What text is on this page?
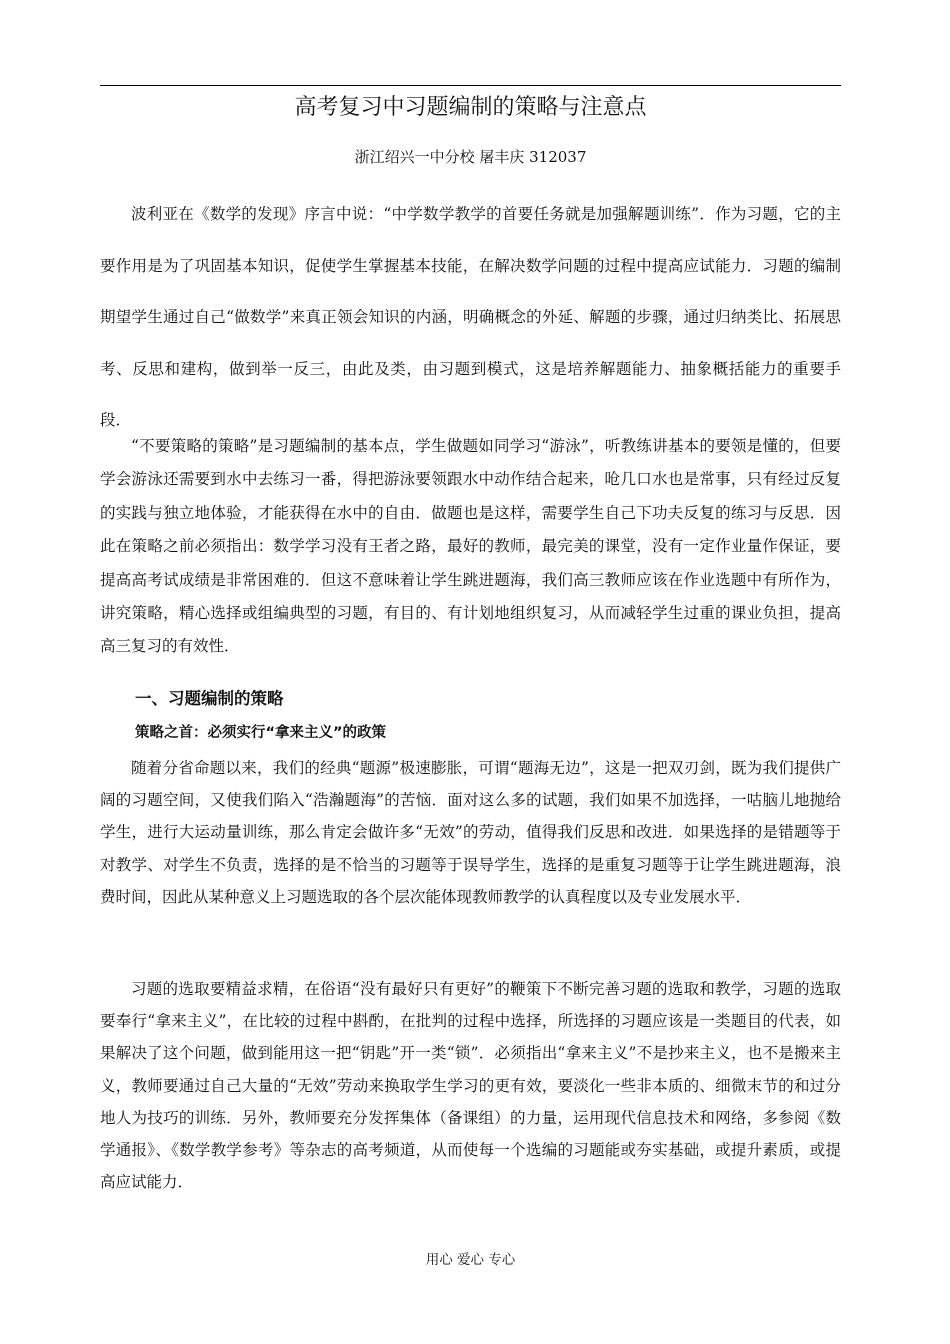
高考复习中习题编制的策略与注意点
浙江绍兴一中分校 屠丰庆 312037

波利亚在《数学的发现》序言中说：“中学数学教学的首要任务就是加强解题训练”．作为习题，它的主要作用是为了巩固基本知识，促使学生掌握基本技能，在解决数学问题的过程中提高应试能力．习题的编制期望学生通过自己“做数学”来真正领会知识的内涵，明确概念的外延、解题的步骤，通过归纳类比、拓展思考、反思和建构，做到举一反三，由此及类，由习题到模式，这是培养解题能力、抽象概括能力的重要手段．

“不要策略的策略”是习题编制的基本点，学生做题如同学习“游泳”，听教练讲基本的要领是懂的，但要学会游泳还需要到水中去练习一番，得把游泳要领跟水中动作结合起来，呛几口水也是常事，只有经过反复的实践与独立地体验，才能获得在水中的自由．做题也是这样，需要学生自己下功夫反复的练习与反思．因此在策略之前必须指出：数学学习没有王者之路，最好的教师，最完美的课堂，没有一定作业量作保证，要提高高考试成绩是非常困难的．但这不意味着让学生跳进题海，我们高三教师应该在作业选题中有所作为，讲究策略，精心选择或组编典型的习题，有目的、有计划地组织复习，从而减轻学生过重的课业负担，提高高三复习的有效性．

一、习题编制的策略
策略之首：必须实行“拿来主义”的政策

随着分省命题以来，我们的经典“题源”极速膨胀，可谓“题海无边”，这是一把双刃剑，既为我们提供广阔的习题空间，又使我们陷入“浩瀚题海”的苦恼．面对这么多的试题，我们如果不加选择，一咕脑儿地抛给学生，进行大运动量训练，那么肯定会做许多“无效”的劳动，值得我们反思和改进．如果选择的是错题等于对教学、对学生不负责，选择的是不恰当的习题等于误导学生，选择的是重复习题等于让学生跳进题海，浪费时间，因此从某种意义上习题选取的各个层次能体现教师教学的认真程度以及专业发展水平．

习题的选取要精益求精，在俗语“没有最好只有更好”的鞭策下不断完善习题的选取和教学，习题的选取要奉行“拿来主义”，在比较的过程中斟酌，在批判的过程中选择，所选择的习题应该是一类题目的代表，如果解决了这个问题，做到能用这一把“钥匙”开一类“锁”．必须指出“拿来主义”不是抄来主义，也不是搬来主义，教师要通过自己大量的“无效”劳动来换取学生学习的更有效，要淡化一些非本质的、细微末节的和过分地人为技巧的训练．另外，教师要充分发挥集体（备课组）的力量，运用现代信息技术和网络，多参阅《数学通报》、《数学教学参考》等杂志的高考频道，从而使每一个选编的习题能或夯实基础，或提升素质，或提高应试能力．

用心 爱心 专心
